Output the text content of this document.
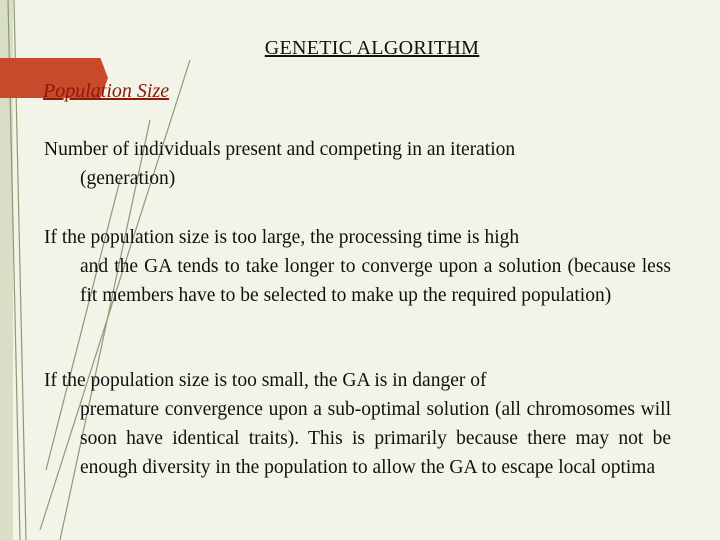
GENETIC ALGORITHM
Population Size
Number of individuals present and competing in an iteration
(generation)
If the population size is too large, the processing time is high
and the GA tends to take longer to converge upon a solution (because less fit members have to be selected to make up the required population)
If the population size is too small, the GA is in danger of
premature convergence upon a sub-optimal solution (all chromosomes will soon have identical traits). This is primarily because there may not be enough diversity in the population to allow the GA to escape local optima
